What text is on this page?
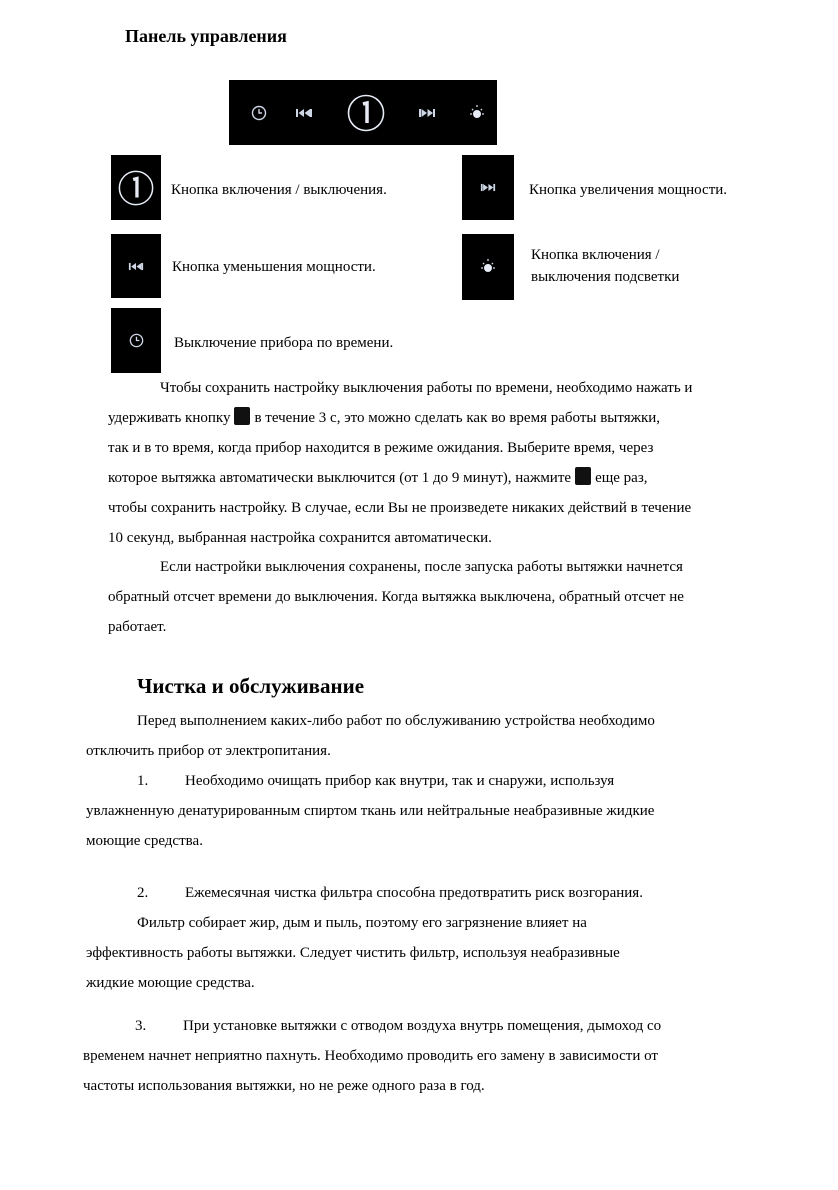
Панель управления
Кнопка включения / выключения.	Кнопка увеличения мощности.
Кнопка уменьшения мощности.
Кнопка включения /
выключения подсветки
Выключение прибора по времени.

Чтобы сохранить настройку выключения работы по времени, необходимо нажать и

удерживать кнопку в течение 3 с, это можно сделать как во время работы вытяжки,

так и в то время, когда прибор находится в режиме ожидания. Выберите время, через

которое вытяжка автоматически выключится (от 1 до 9 минут), нажмите еще раз,

чтобы сохранить настройку. В случае, если Вы не произведете никаких действий в течение

10 секунд, выбранная настройка сохранится автоматически.

Если настройки выключения сохранены, после запуска работы вытяжки начнется

обратный отсчет времени до выключения. Когда вытяжка выключена, обратный отсчет не

работает.

Чистка и обслуживание

Перед выполнением каких-либо работ по обслуживанию устройства необходимо

отключить прибор от электропитания.

1. Необходимо очищать прибор как внутри, так и снаружи, используя

увлажненную денатурированным спиртом ткань или нейтральные неабразивные жидкие

моющие средства.

2. Ежемесячная чистка фильтра способна предотвратить риск возгорания.

Фильтр собирает жир, дым и пыль, поэтому его загрязнение влияет на

эффективность работы вытяжки. Следует чистить фильтр, используя неабразивные

жидкие моющие средства.

3. При установке вытяжки с отводом воздуха внутрь помещения, дымоход со

временем начнет неприятно пахнуть. Необходимо проводить его замену в зависимости от

частоты использования вытяжки, но не реже одного раза в год.
